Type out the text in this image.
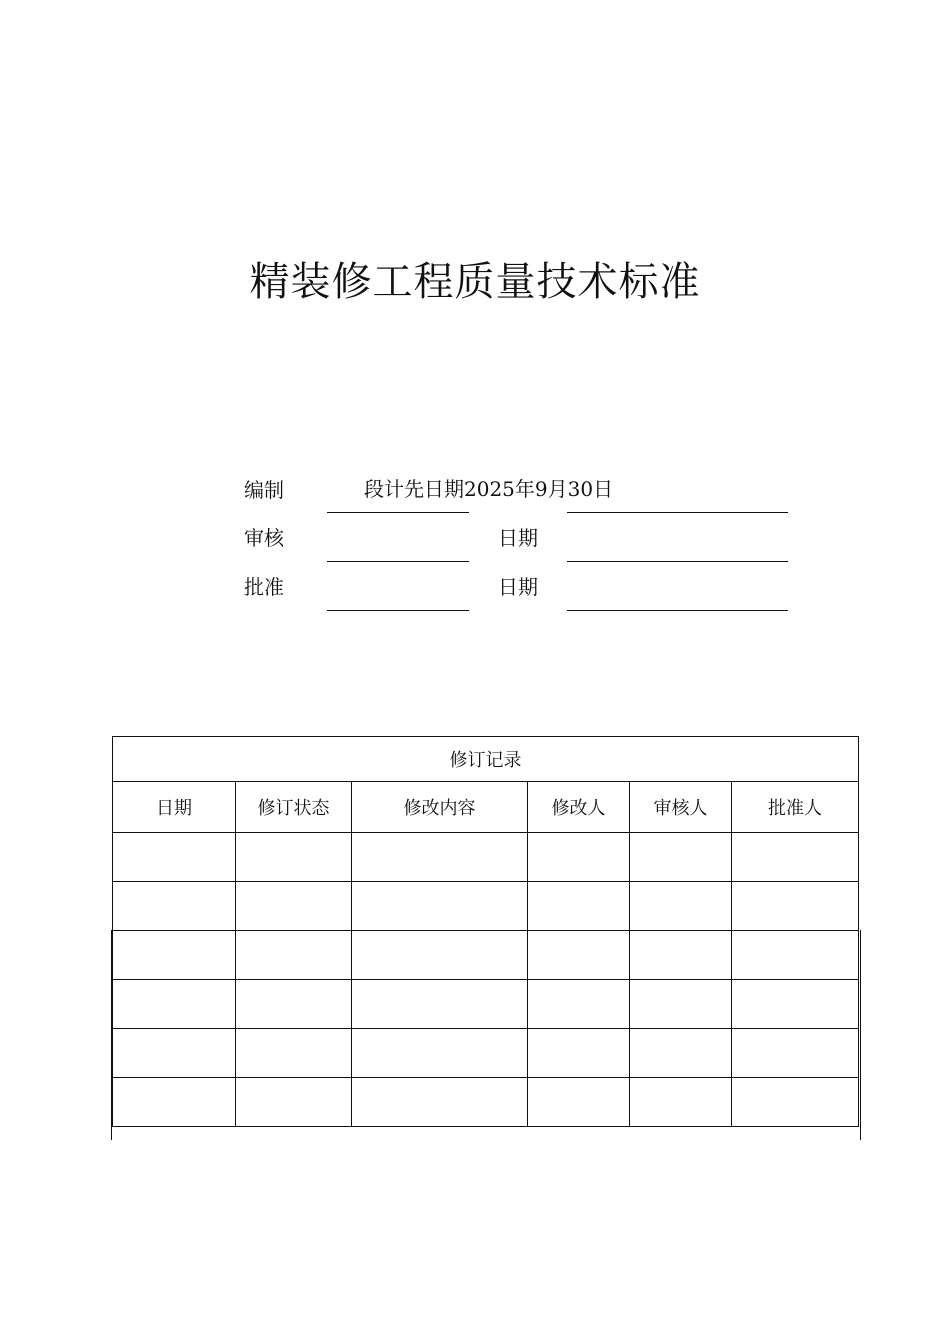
精装修工程质量技术标准
编制	段计先日期2025年9月30日
审核	日期
批准	日期
修订记录					
日期	修订状态	修改内容	修改人	审核人	批准人
